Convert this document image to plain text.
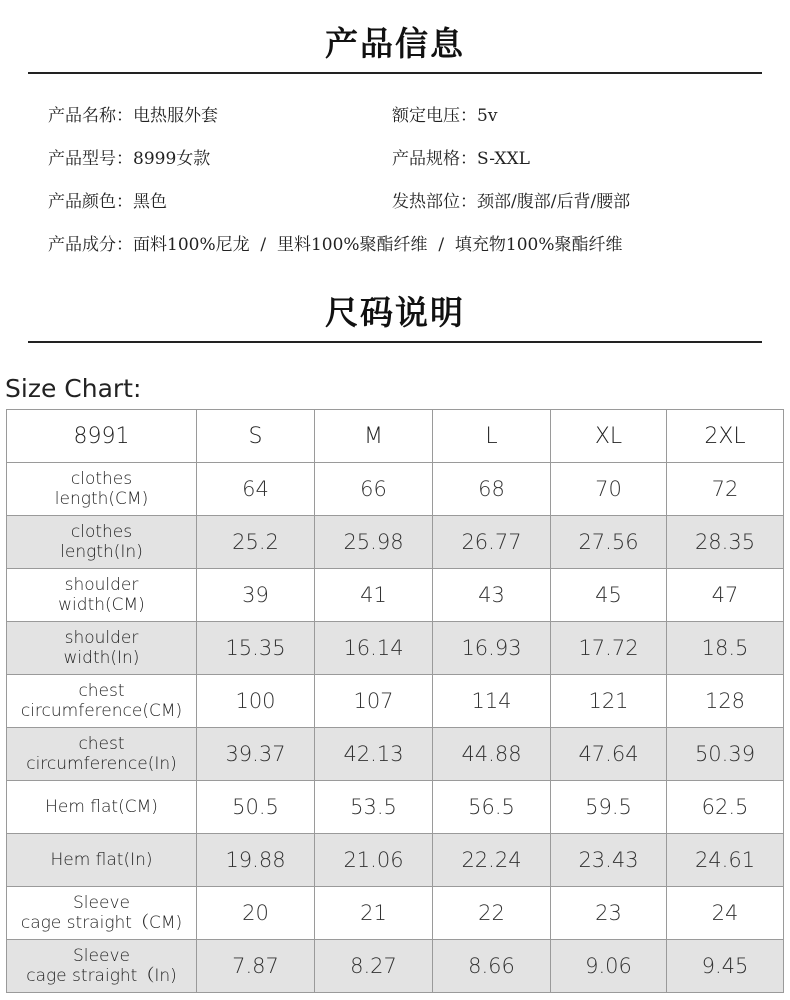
产品信息
产品名称：电热服外套	额定电压：5v
产品型号：8999女款	产品规格：S-XXL
产品颜色：黑色	发热部位：颈部/腹部/后背/腰部
产品成分：面料100%尼龙  /  里料100%聚酯纤维  /  填充物100%聚酯纤维
尺码说明
Size Chart:
8991	S	M	L	XL	2XL

clothes
length(CM)	64	66	68	70	72

clothes
length(In)	25.2	25.98	26.77	27.56	28.35

shoulder
width(CM)	39	41	43	45	47

shoulder
width(In)	15.35	16.14	16.93	17.72	18.5

chest
circumference(CM)	100	107	114	121	128

chest
circumference(In)	39.37	42.13	44.88	47.64	50.39

Hem flat(CM)	50.5	53.5	56.5	59.5	62.5

Hem flat(In)	19.88	21.06	22.24	23.43	24.61

Sleeve
cage straight（CM)	20	21	22	23	24

Sleeve
cage straight（In)	7.87	8.27	8.66	9.06	9.45
